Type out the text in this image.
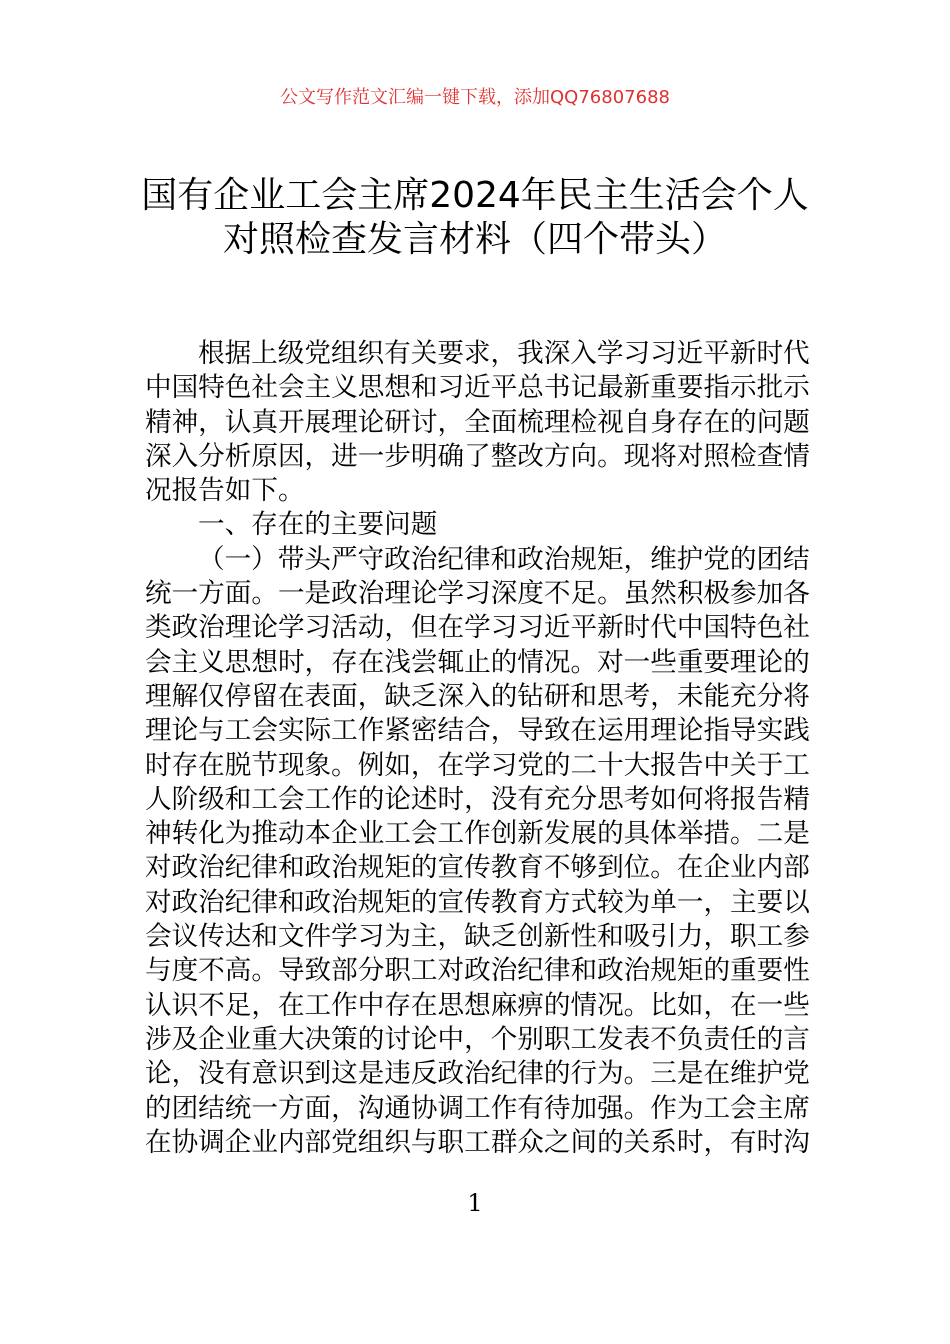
公文写作范文汇编一键下载，添加QQ76807688
国有企业工会主席2024年民主生活会个人
对照检查发言材料（四个带头）
根据上级党组织有关要求，我深入学习习近平新时代
中国特色社会主义思想和习近平总书记最新重要指示批示
精神，认真开展理论研讨，全面梳理检视自身存在的问题
深入分析原因，进一步明确了整改方向。现将对照检查情
况报告如下。
一、存在的主要问题
（一）带头严守政治纪律和政治规矩，维护党的团结
统一方面。一是政治理论学习深度不足。虽然积极参加各
类政治理论学习活动，但在学习习近平新时代中国特色社
会主义思想时，存在浅尝辄止的情况。对一些重要理论的
理解仅停留在表面，缺乏深入的钻研和思考，未能充分将
理论与工会实际工作紧密结合，导致在运用理论指导实践
时存在脱节现象。例如，在学习党的二十大报告中关于工
人阶级和工会工作的论述时，没有充分思考如何将报告精
神转化为推动本企业工会工作创新发展的具体举措。二是
对政治纪律和政治规矩的宣传教育不够到位。在企业内部
对政治纪律和政治规矩的宣传教育方式较为单一，主要以
会议传达和文件学习为主，缺乏创新性和吸引力，职工参
与度不高。导致部分职工对政治纪律和政治规矩的重要性
认识不足，在工作中存在思想麻痹的情况。比如，在一些
涉及企业重大决策的讨论中，个别职工发表不负责任的言
论，没有意识到这是违反政治纪律的行为。三是在维护党
的团结统一方面，沟通协调工作有待加强。作为工会主席
在协调企业内部党组织与职工群众之间的关系时，有时沟
1
